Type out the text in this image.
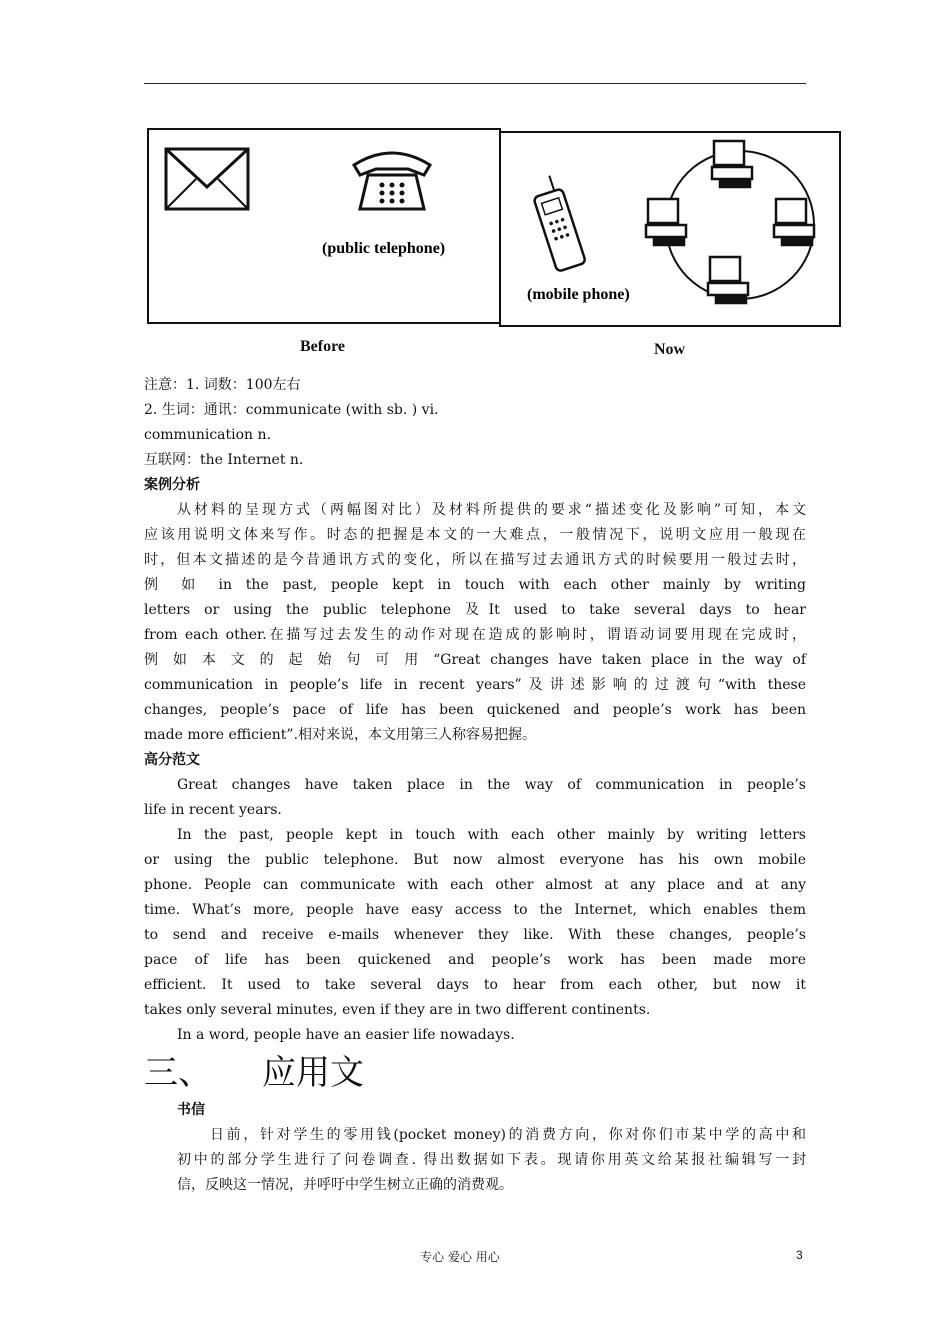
(public telephone)
(mobile phone)
Before	Now
注意：1. 词数：100左右
2. 生词：通讯：communicate (with sb. ) vi.
communication n.
互联网：the Internet n.
案例分析
从材料的呈现方式（两幅图对比）及材料所提供的要求“描述变化及影响”可知，本文
应该用说明文体来写作。时态的把握是本文的一大难点，一般情况下，说明文应用一般现在
时，但本文描述的是今昔通讯方式的变化，所以在描写过去通讯方式的时候要用一般过去时，
例 如 in the past, people kept in touch with each other mainly by writing
letters or using the public telephone 及It used to take several days to hear
from each other.在描写过去发生的动作对现在造成的影响时，谓语动词要用现在完成时，
例 如 本 文 的 起 始 句 可 用 “Great changes have taken place in the way of
communication in people’s life in recent years”及讲述影响的过渡句“with these
changes, people’s pace of life has been quickened and people’s work has been
made more efficient”.相对来说，本文用第三人称容易把握。
高分范文
Great changes have taken place in the way of communication in people’s
life in recent years.
In the past, people kept in touch with each other mainly by writing letters
or using the public telephone. But now almost everyone has his own mobile
phone. People can communicate with each other almost at any place and at any
time. What’s more, people have easy access to the Internet, which enables them
to send and receive e-mails whenever they like. With these changes, people’s
pace of life has been quickened and people’s work has been made more
efficient. It used to take several days to hear from each other, but now it
takes only several minutes, even if they are in two different continents.
In a word, people have an easier life nowadays.
三、 应用文
书信
日前，针对学生的零用钱(pocket money)的消费方向，你对你们市某中学的高中和
初中的部分学生进行了问卷调查. 得出数据如下表。现请你用英文给某报社编辑写一封
信，反映这一情况，并呼吁中学生树立正确的消费观。
专心 爱心 用心	3
